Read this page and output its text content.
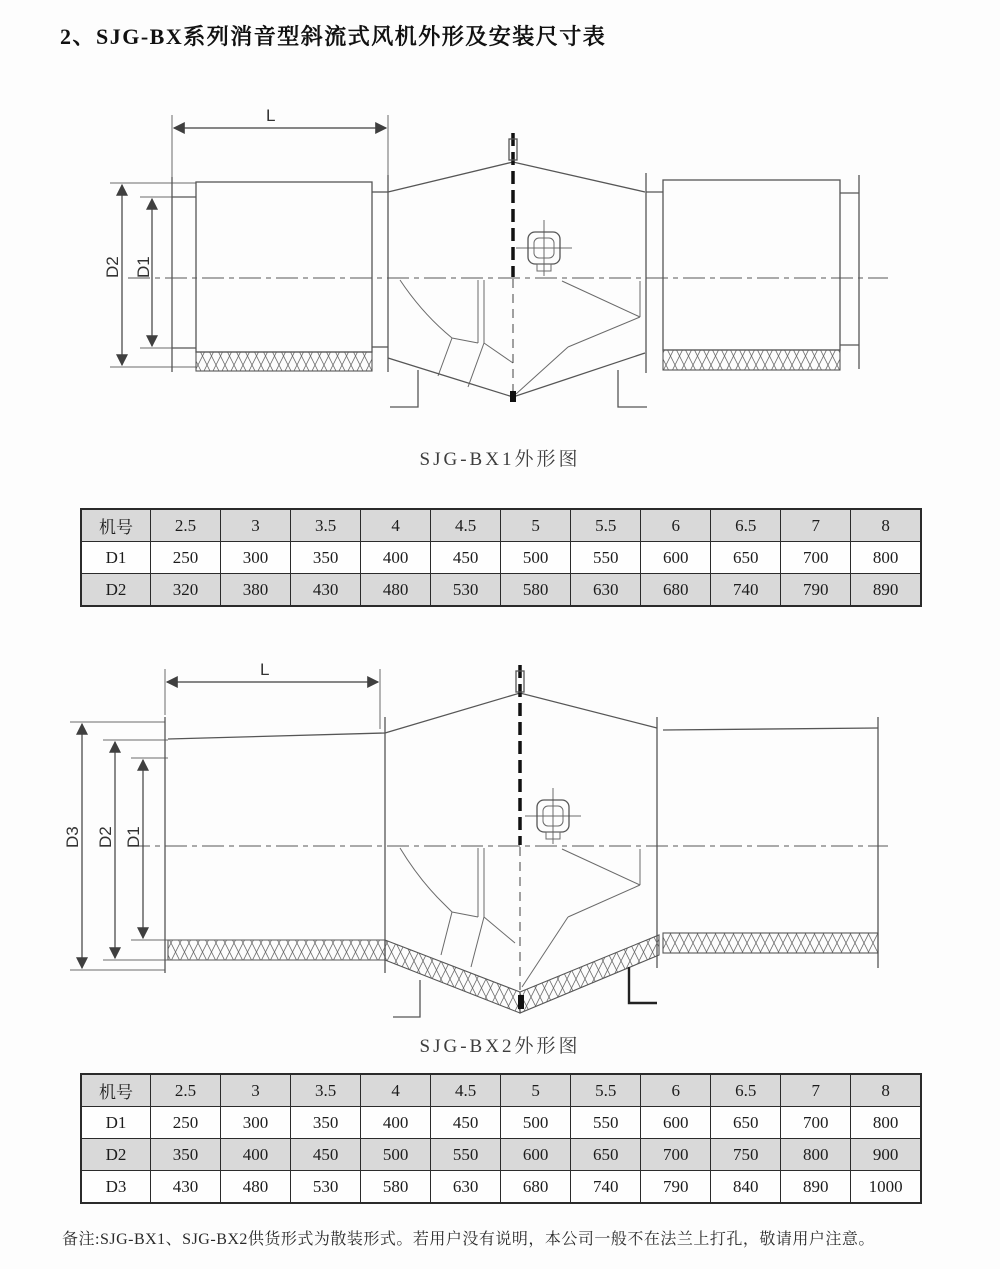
2、SJG-BX系列消音型斜流式风机外形及安装尺寸表
L
D2 D1
SJG-BX1外形图
机号	2.5	3	3.5	4	4.5	5	5.5	6	6.5	7	8
D1	250	300	350	400	450	500	550	600	650	700	800
D2	320	380	430	480	530	580	630	680	740	790	890
L
D3 D2 D1
SJG-BX2外形图
机号	2.5	3	3.5	4	4.5	5	5.5	6	6.5	7	8
D1	250	300	350	400	450	500	550	600	650	700	800
D2	350	400	450	500	550	600	650	700	750	800	900
D3	430	480	530	580	630	680	740	790	840	890	1000
备注:SJG-BX1、SJG-BX2供货形式为散装形式。若用户没有说明，本公司一般不在法兰上打孔，敬请用户注意。
